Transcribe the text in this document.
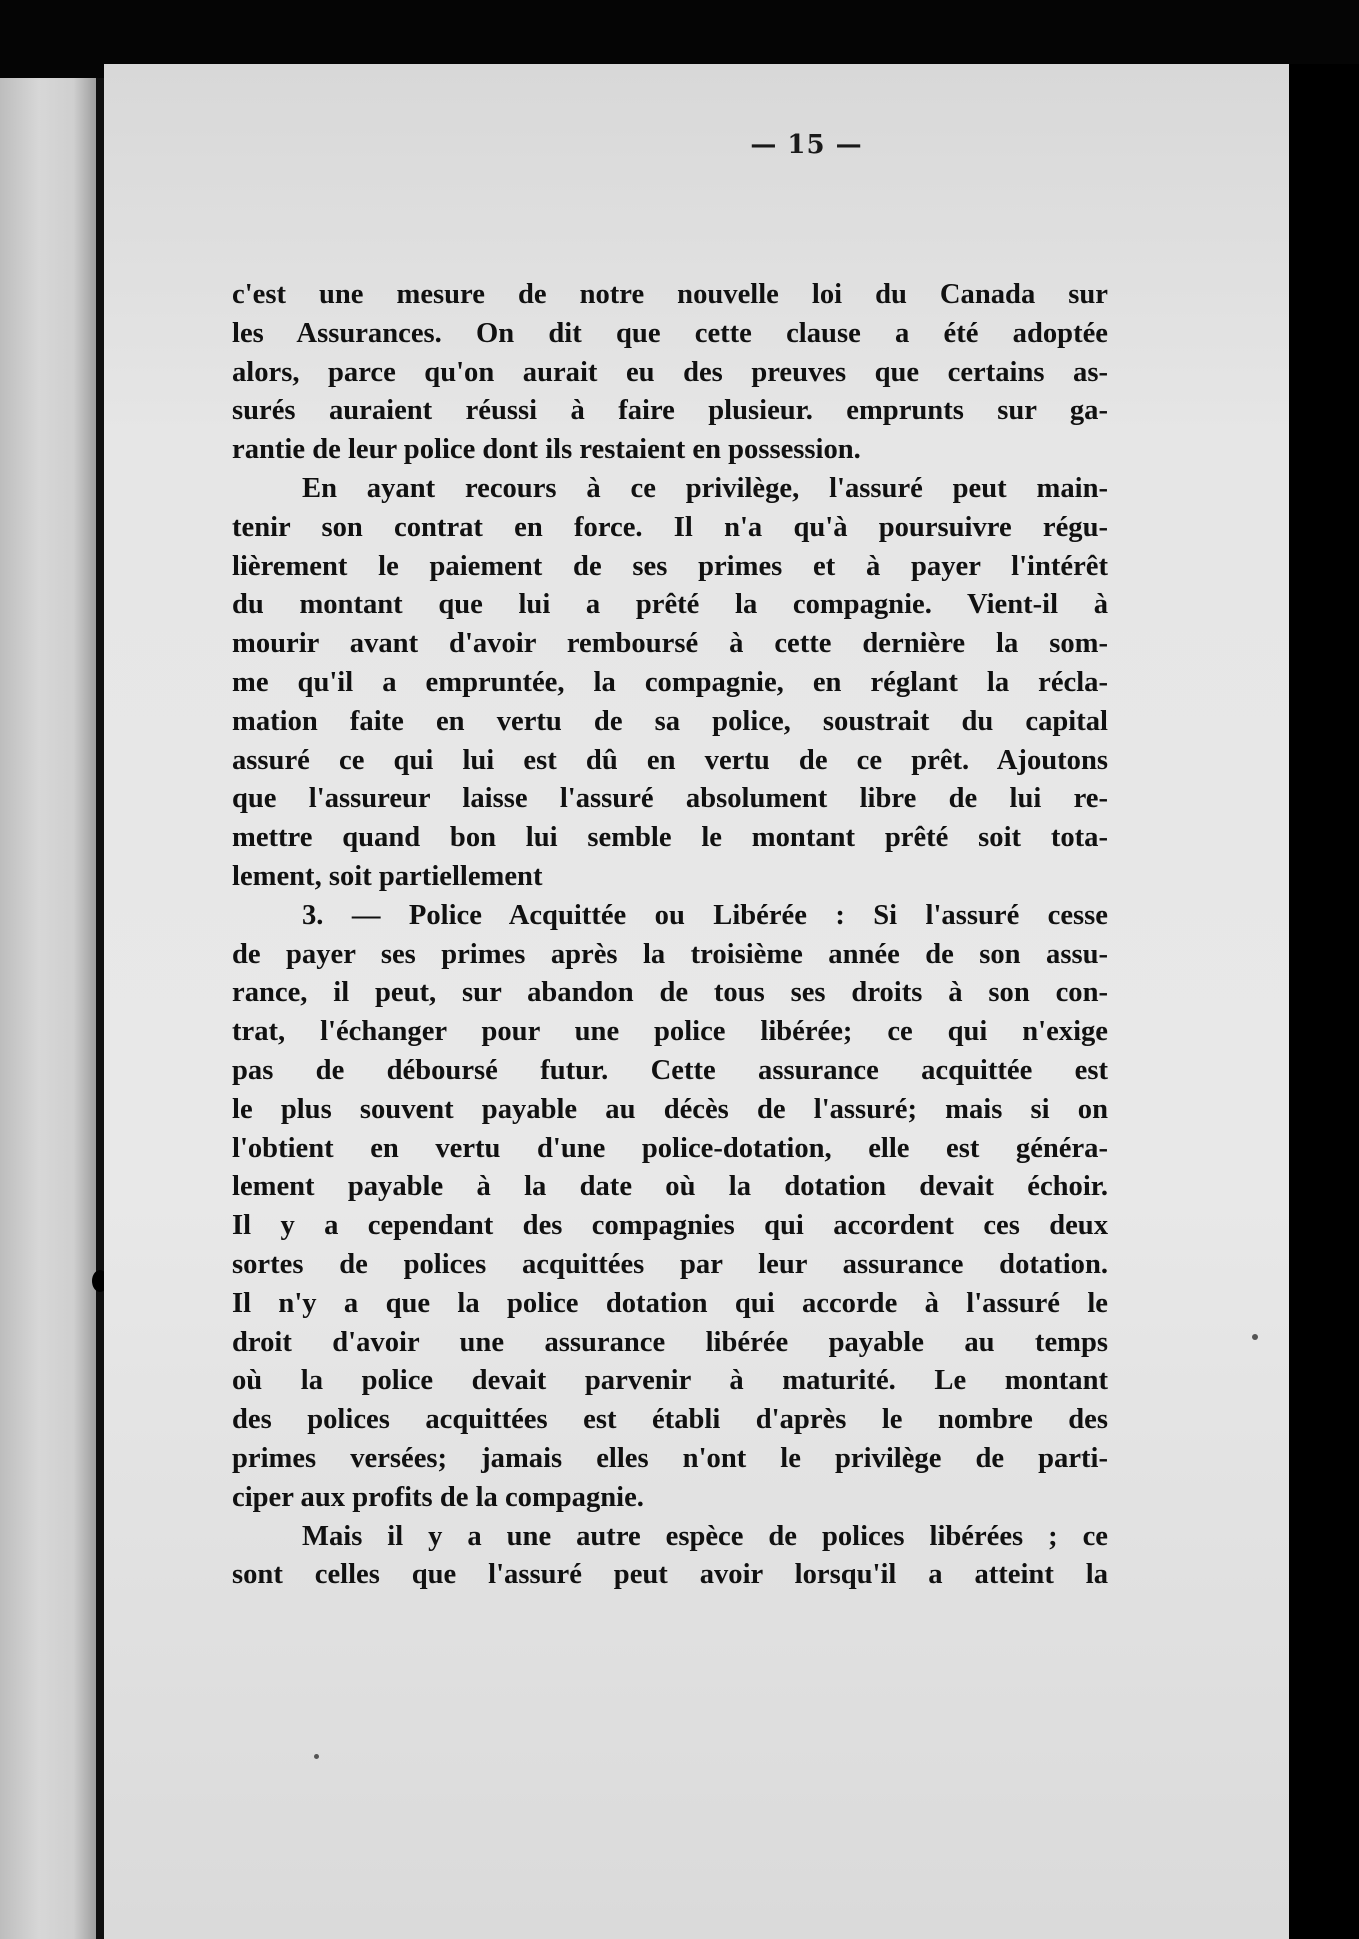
— 15 —
c'est une mesure de notre nouvelle loi du Canada sur
les Assurances. On dit que cette clause a été adoptée
alors, parce qu'on aurait eu des preuves que certains as-
surés auraient réussi à faire plusieur. emprunts sur ga-
rantie de leur police dont ils restaient en possession.
En ayant recours à ce privilège, l'assuré peut main-
tenir son contrat en force. Il n'a qu'à poursuivre régu-
lièrement le paiement de ses primes et à payer l'intérêt
du montant que lui a prêté la compagnie. Vient-il à
mourir avant d'avoir remboursé à cette dernière la som-
me qu'il a empruntée, la compagnie, en réglant la récla-
mation faite en vertu de sa police, soustrait du capital
assuré ce qui lui est dû en vertu de ce prêt. Ajoutons
que l'assureur laisse l'assuré absolument libre de lui re-
mettre quand bon lui semble le montant prêté soit tota-
lement, soit partiellement
3. — Police Acquittée ou Libérée : Si l'assuré cesse
de payer ses primes après la troisième année de son assu-
rance, il peut, sur abandon de tous ses droits à son con-
trat, l'échanger pour une police libérée; ce qui n'exige
pas de déboursé futur. Cette assurance acquittée est
le plus souvent payable au décès de l'assuré; mais si on
l'obtient en vertu d'une police-dotation, elle est généra-
lement payable à la date où la dotation devait échoir.
Il y a cependant des compagnies qui accordent ces deux
sortes de polices acquittées par leur assurance dotation.
Il n'y a que la police dotation qui accorde à l'assuré le
droit d'avoir une assurance libérée payable au temps
où la police devait parvenir à maturité. Le montant
des polices acquittées est établi d'après le nombre des
primes versées; jamais elles n'ont le privilège de parti-
ciper aux profits de la compagnie.
Mais il y a une autre espèce de polices libérées ; ce
sont celles que l'assuré peut avoir lorsqu'il a atteint la
